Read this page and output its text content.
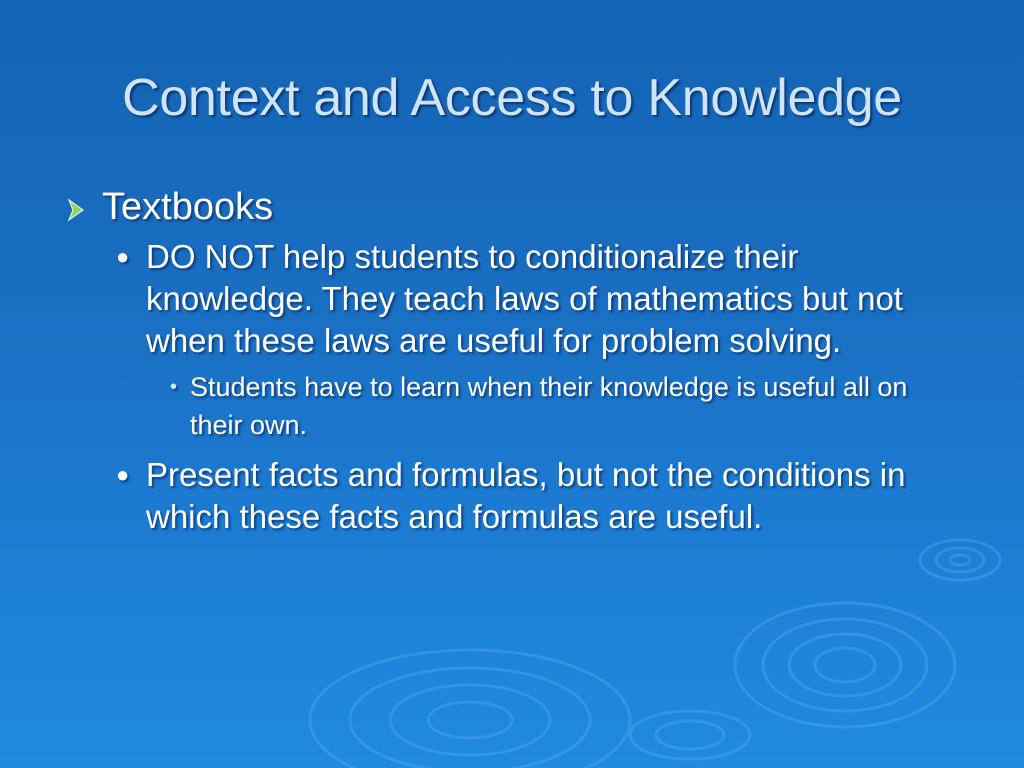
Context and Access to Knowledge
Textbooks
● DO NOT help students to conditionalize their knowledge. They teach laws of mathematics but not when these laws are useful for problem solving.
• Students have to learn when their knowledge is useful all on their own.
● Present facts and formulas, but not the conditions in which these facts and formulas are useful.
